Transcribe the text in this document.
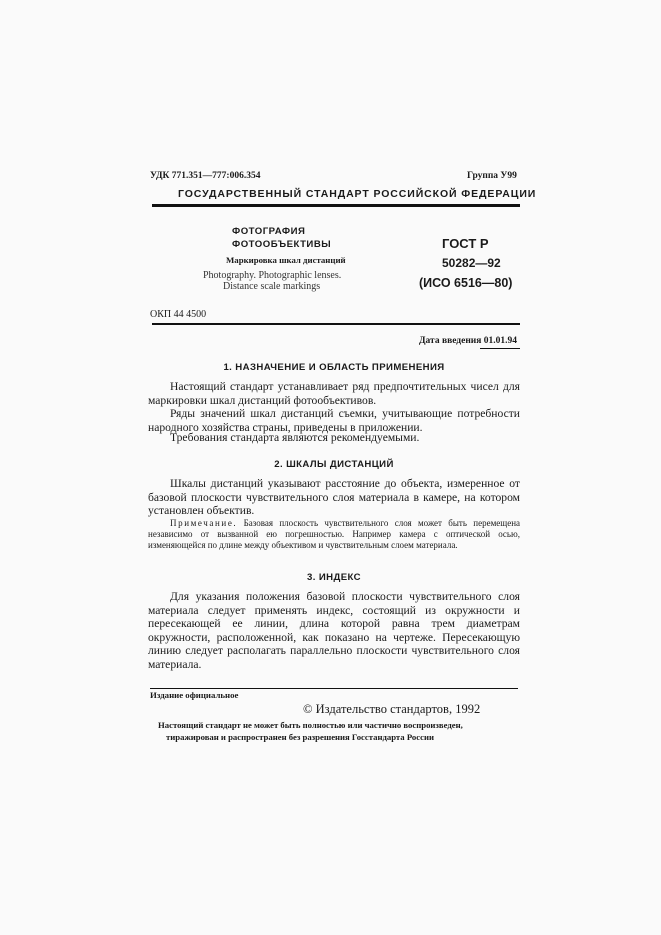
УДК 771.351—777:006.354	Группа У99
ГОСУДАРСТВЕННЫЙ СТАНДАРТ РОССИЙСКОЙ ФЕДЕРАЦИИ
ФОТОГРАФИЯ
ФОТООБЪЕКТИВЫ
Маркировка шкал дистанций
Photography. Photographic lenses.
Distance scale markings
ГОСТ Р
50282—92
(ИСО 6516—80)
ОКП 44 4500
Дата введения 01.01.94
1. НАЗНАЧЕНИЕ И ОБЛАСТЬ ПРИМЕНЕНИЯ
Настоящий стандарт устанавливает ряд предпочтительных чисел для маркировки шкал дистанций фотообъективов.
Ряды значений шкал дистанций съемки, учитывающие потребности народного хозяйства страны, приведены в приложении.
Требования стандарта являются рекомендуемыми.
2. ШКАЛЫ ДИСТАНЦИЙ
Шкалы дистанций указывают расстояние до объекта, измеренное от базовой плоскости чувствительного слоя материала в камере, на котором установлен объектив.
Примечание. Базовая плоскость чувствительного слоя может быть перемещена независимо от вызванной ею погрешностью. Например камера с оптической осью, изменяющейся по длине между объективом и чувствительным слоем материала.
3. ИНДЕКС
Для указания положения базовой плоскости чувствительного слоя материала следует применять индекс, состоящий из окружности и пересекающей ее линии, длина которой равна трем диаметрам окружности, расположенной, как показано на чертеже. Пересекающую линию следует располагать параллельно плоскости чувствительного слоя материала.
Издание официальное
© Издательство стандартов, 1992
Настоящий стандарт не может быть полностью или частично воспроизведен,
тиражирован и распространен без разрешения Госстандарта России
